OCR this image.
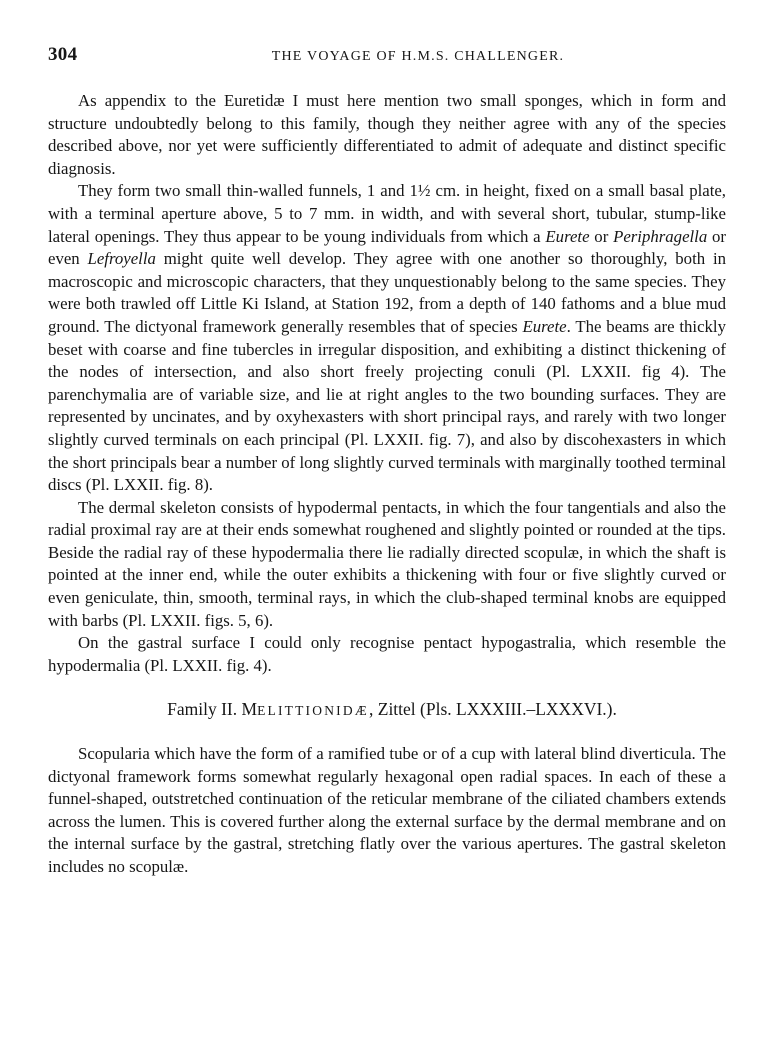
304	THE VOYAGE OF H.M.S. CHALLENGER.

As appendix to the Euretidæ I must here mention two small sponges, which in form and structure undoubtedly belong to this family, though they neither agree with any of the species described above, nor yet were sufficiently differentiated to admit of adequate and distinct specific diagnosis.

They form two small thin-walled funnels, 1 and 1½ cm. in height, fixed on a small basal plate, with a terminal aperture above, 5 to 7 mm. in width, and with several short, tubular, stump-like lateral openings. They thus appear to be young individuals from which a Eurete or Periphragella or even Lefroyella might quite well develop. They agree with one another so thoroughly, both in macroscopic and microscopic characters, that they unquestionably belong to the same species. They were both trawled off Little Ki Island, at Station 192, from a depth of 140 fathoms and a blue mud ground. The dictyonal framework generally resembles that of species Eurete. The beams are thickly beset with coarse and fine tubercles in irregular disposition, and exhibiting a distinct thickening of the nodes of intersection, and also short freely projecting conuli (Pl. LXXII. fig 4). The parenchymalia are of variable size, and lie at right angles to the two bounding surfaces. They are represented by uncinates, and by oxyhexasters with short principal rays, and rarely with two longer slightly curved terminals on each principal (Pl. LXXII. fig. 7), and also by discohexasters in which the short principals bear a number of long slightly curved terminals with marginally toothed terminal discs (Pl. LXXII. fig. 8).

The dermal skeleton consists of hypodermal pentacts, in which the four tangentials and also the radial proximal ray are at their ends somewhat roughened and slightly pointed or rounded at the tips. Beside the radial ray of these hypodermalia there lie radially directed scopulæ, in which the shaft is pointed at the inner end, while the outer exhibits a thickening with four or five slightly curved or even geniculate, thin, smooth, terminal rays, in which the club-shaped terminal knobs are equipped with barbs (Pl. LXXII. figs. 5, 6).

On the gastral surface I could only recognise pentact hypogastralia, which resemble the hypodermalia (Pl. LXXII. fig. 4).

Family II. MELITTIONIDÆ, Zittel (Pls. LXXXIII.–LXXXVI.).

Scopularia which have the form of a ramified tube or of a cup with lateral blind diverticula. The dictyonal framework forms somewhat regularly hexagonal open radial spaces. In each of these a funnel-shaped, outstretched continuation of the reticular membrane of the ciliated chambers extends across the lumen. This is covered further along the external surface by the dermal membrane and on the internal surface by the gastral, stretching flatly over the various apertures. The gastral skeleton includes no scopulæ.
